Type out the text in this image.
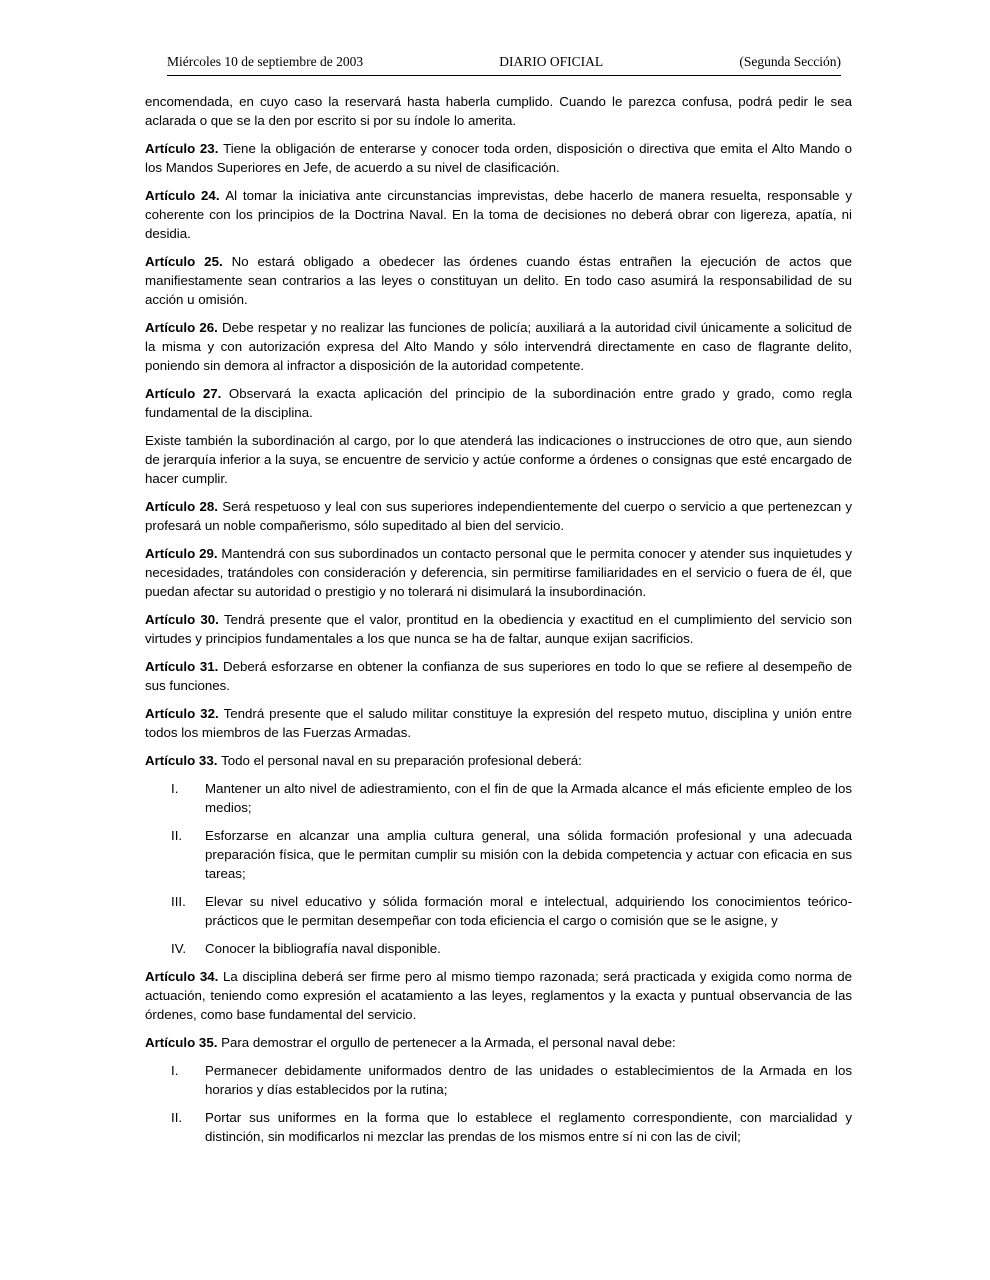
Miércoles 10 de septiembre de 2003	DIARIO OFICIAL	(Segunda Sección)

encomendada, en cuyo caso la reservará hasta haberla cumplido. Cuando le parezca confusa, podrá pedir le sea aclarada o que se la den por escrito si por su índole lo amerita.

Artículo 23. Tiene la obligación de enterarse y conocer toda orden, disposición o directiva que emita el Alto Mando o los Mandos Superiores en Jefe, de acuerdo a su nivel de clasificación.

Artículo 24. Al tomar la iniciativa ante circunstancias imprevistas, debe hacerlo de manera resuelta, responsable y coherente con los principios de la Doctrina Naval. En la toma de decisiones no deberá obrar con ligereza, apatía, ni desidia.

Artículo 25. No estará obligado a obedecer las órdenes cuando éstas entrañen la ejecución de actos que manifiestamente sean contrarios a las leyes o constituyan un delito. En todo caso asumirá la responsabilidad de su acción u omisión.

Artículo 26. Debe respetar y no realizar las funciones de policía; auxiliará a la autoridad civil únicamente a solicitud de la misma y con autorización expresa del Alto Mando y sólo intervendrá directamente en caso de flagrante delito, poniendo sin demora al infractor a disposición de la autoridad competente.

Artículo 27. Observará la exacta aplicación del principio de la subordinación entre grado y grado, como regla fundamental de la disciplina.

Existe también la subordinación al cargo, por lo que atenderá las indicaciones o instrucciones de otro que, aun siendo de jerarquía inferior a la suya, se encuentre de servicio y actúe conforme a órdenes o consignas que esté encargado de hacer cumplir.

Artículo 28. Será respetuoso y leal con sus superiores independientemente del cuerpo o servicio a que pertenezcan y profesará un noble compañerismo, sólo supeditado al bien del servicio.

Artículo 29. Mantendrá con sus subordinados un contacto personal que le permita conocer y atender sus inquietudes y necesidades, tratándoles con consideración y deferencia, sin permitirse familiaridades en el servicio o fuera de él, que puedan afectar su autoridad o prestigio y no tolerará ni disimulará la insubordinación.

Artículo 30. Tendrá presente que el valor, prontitud en la obediencia y exactitud en el cumplimiento del servicio son virtudes y principios fundamentales a los que nunca se ha de faltar, aunque exijan sacrificios.

Artículo 31. Deberá esforzarse en obtener la confianza de sus superiores en todo lo que se refiere al desempeño de sus funciones.

Artículo 32. Tendrá presente que el saludo militar constituye la expresión del respeto mutuo, disciplina y unión entre todos los miembros de las Fuerzas Armadas.

Artículo 33. Todo el personal naval en su preparación profesional deberá:

I.	Mantener un alto nivel de adiestramiento, con el fin de que la Armada alcance el más eficiente empleo de los medios;
II.	Esforzarse en alcanzar una amplia cultura general, una sólida formación profesional y una adecuada preparación física, que le permitan cumplir su misión con la debida competencia y actuar con eficacia en sus tareas;
III.	Elevar su nivel educativo y sólida formación moral e intelectual, adquiriendo los conocimientos teórico-prácticos que le permitan desempeñar con toda eficiencia el cargo o comisión que se le asigne, y
IV.	Conocer la bibliografía naval disponible.

Artículo 34. La disciplina deberá ser firme pero al mismo tiempo razonada; será practicada y exigida como norma de actuación, teniendo como expresión el acatamiento a las leyes, reglamentos y la exacta y puntual observancia de las órdenes, como base fundamental del servicio.

Artículo 35. Para demostrar el orgullo de pertenecer a la Armada, el personal naval debe:

I.	Permanecer debidamente uniformados dentro de las unidades o establecimientos de la Armada en los horarios y días establecidos por la rutina;
II.	Portar sus uniformes en la forma que lo establece el reglamento correspondiente, con marcialidad y distinción, sin modificarlos ni mezclar las prendas de los mismos entre sí ni con las de civil;
